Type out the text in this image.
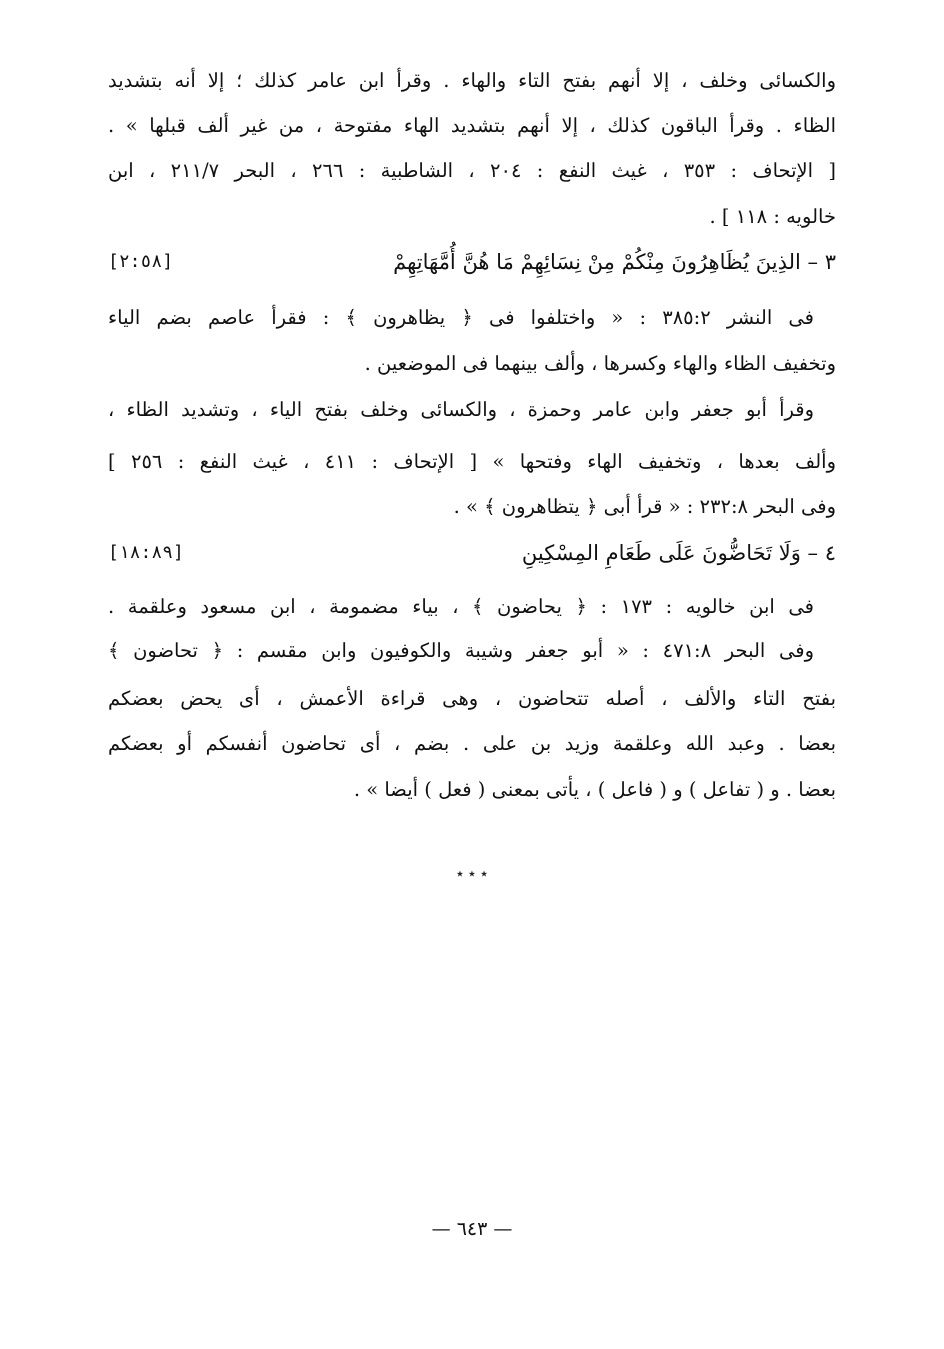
والكسائى وخلف ، إلا أنهم بفتح التاء والهاء . وقرأ ابن عامر كذلك ؛ إلا أنه بتشديد
الظاء . وقرأ الباقون كذلك ، إلا أنهم بتشديد الهاء مفتوحة ، من غير ألف قبلها » .
[ الإتحاف : ٣٥٣ ، غيث النفع : ٢٠٤ ، الشاطبية : ٢٦٦ ، البحر ٢١١/٧ ، ابن
خالويه : ١١٨ ] .
٣ – الذِينَ يُظَاهِرُونَ مِنْكُمْ مِنْ نِسَائِهِمْ مَا هُنَّ أُمَّهَاتِهِمْ
[٢:٥٨]
فى النشر ٣٨٥:٢ : « واختلفوا فى ﴿ يظاهرون ﴾ : فقرأ عاصم بضم الياء
وتخفيف الظاء والهاء وكسرها ، وألف بينهما فى الموضعين .
وقرأ أبو جعفر وابن عامر وحمزة ، والكسائى وخلف بفتح الياء ، وتشديد الظاء ،
وألف بعدها ، وتخفيف الهاء وفتحها » [ الإتحاف : ٤١١ ، غيث النفع : ٢٥٦ ]
وفى البحر ٢٣٢:٨ : « قرأ أبى ﴿ يتظاهرون ﴾ » .
٤ – وَلَا تَحَاضُّونَ عَلَى طَعَامِ المِسْكِينِ
[١٨:٨٩]
فى ابن خالويه : ١٧٣ : ﴿ يحاضون ﴾ ، بياء مضمومة ، ابن مسعود وعلقمة .
وفى البحر ٤٧١:٨ : « أبو جعفر وشيبة والكوفيون وابن مقسم : ﴿ تحاضون ﴾
بفتح التاء والألف ، أصله تتحاضون ، وهى قراءة الأعمش ، أى يحض بعضكم
بعضا . وعبد الله وعلقمة وزيد بن على . بضم ، أى تحاضون أنفسكم أو بعضكم
بعضا . و ( تفاعل ) و ( فاعل ) ، يأتى بمعنى ( فعل ) أيضا » .
٭ ٭ ٭
— ٦٤٣ —
